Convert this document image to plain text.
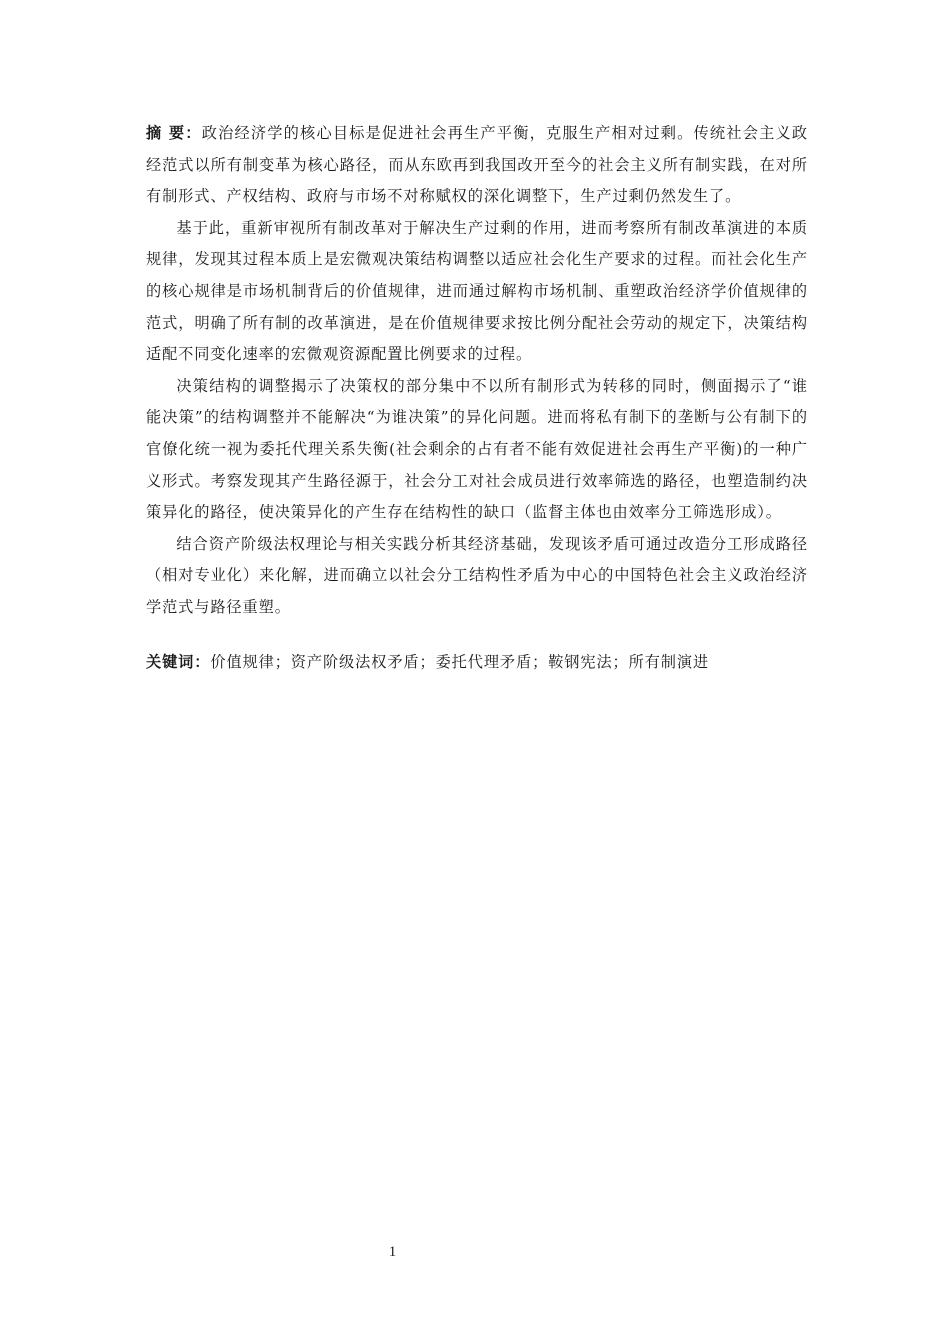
摘 要：政治经济学的核心目标是促进社会再生产平衡，克服生产相对过剩。传统社会主义政经范式以所有制变革为核心路径，而从东欧再到我国改开至今的社会主义所有制实践，在对所有制形式、产权结构、政府与市场不对称赋权的深化调整下，生产过剩仍然发生了。

基于此，重新审视所有制改革对于解决生产过剩的作用，进而考察所有制改革演进的本质规律，发现其过程本质上是宏微观决策结构调整以适应社会化生产要求的过程。而社会化生产的核心规律是市场机制背后的价值规律，进而通过解构市场机制、重塑政治经济学价值规律的范式，明确了所有制的改革演进，是在价值规律要求按比例分配社会劳动的规定下，决策结构适配不同变化速率的宏微观资源配置比例要求的过程。

决策结构的调整揭示了决策权的部分集中不以所有制形式为转移的同时，侧面揭示了“谁能决策”的结构调整并不能解决“为谁决策”的异化问题。进而将私有制下的垄断与公有制下的官僚化统一视为委托代理关系失衡(社会剩余的占有者不能有效促进社会再生产平衡)的一种广义形式。考察发现其产生路径源于，社会分工对社会成员进行效率筛选的路径，也塑造制约决策异化的路径，使决策异化的产生存在结构性的缺口（监督主体也由效率分工筛选形成）。

结合资产阶级法权理论与相关实践分析其经济基础，发现该矛盾可通过改造分工形成路径（相对专业化）来化解，进而确立以社会分工结构性矛盾为中心的中国特色社会主义政治经济学范式与路径重塑。

关键词：价值规律；资产阶级法权矛盾；委托代理矛盾；鞍钢宪法；所有制演进

1
